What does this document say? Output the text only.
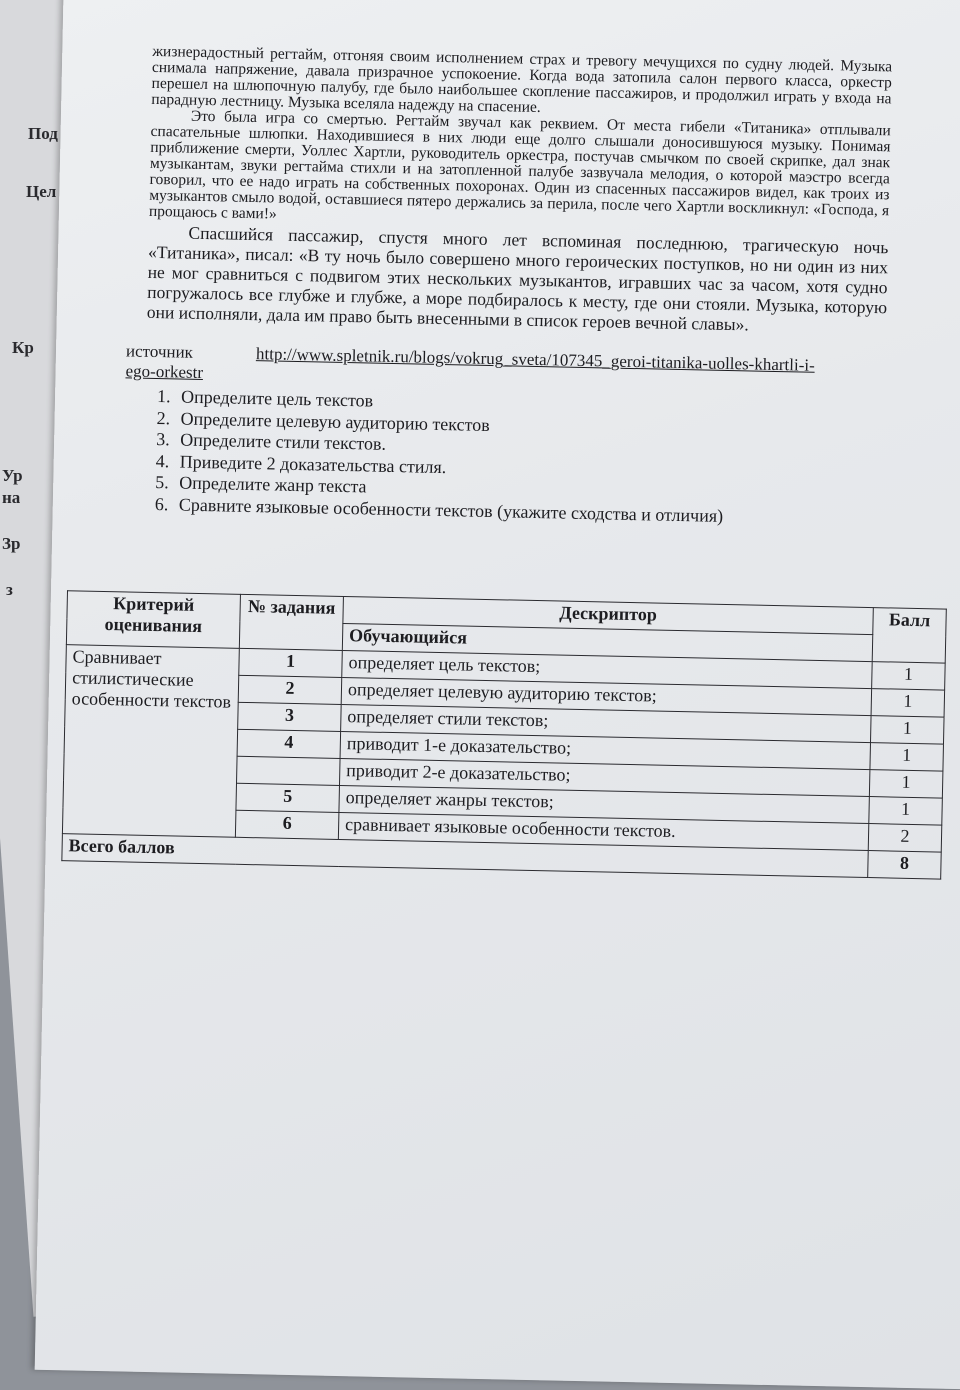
Под
Цел
Кр
Ур
на
Зр
з

жизнерадостный регтайм, отгоняя своим исполнением страх и тревогу мечущихся по судну людей. Музыка снимала напряжение, давала призрачное успокоение. Когда вода затопила салон первого класса, оркестр перешел на шлюпочную палубу, где было наибольшее скопление пассажиров, и продолжил играть у входа на парадную лестницу. Музыка вселяла надежду на спасение.

Это была игра со смертью. Регтайм звучал как реквием. От места гибели «Титаника» отплывали спасательные шлюпки. Находившиеся в них люди еще долго слышали доносившуюся музыку. Понимая приближение смерти, Уоллес Хартли, руководитель оркестра, постучав смычком по своей скрипке, дал знак музыкантам, звуки регтайма стихли и на затопленной палубе зазвучала мелодия, о которой маэстро всегда говорил, что ее надо играть на собственных похоронах. Один из спасенных пассажиров видел, как троих из музыкантов смыло водой, оставшиеся пятеро держались за перила, после чего Хартли воскликнул: «Господа, я прощаюсь с вами!»

Спасшийся пассажир, спустя много лет вспоминая последнюю, трагическую ночь «Титаника», писал: «В ту ночь было совершено много героических поступков, но ни один из них не мог сравниться с подвигом этих нескольких музыкантов, игравших час за часом, хотя судно погружалось все глубже и глубже, а море подбиралось к месту, где они стояли. Музыка, которую они исполняли, дала им право быть внесенными в список героев вечной славы».

источник	http://www.spletnik.ru/blogs/vokrug_sveta/107345_geroi-titanika-uolles-khartli-i-
ego-orkestr
1. Определите цель текстов
2. Определите целевую аудиторию текстов
3. Определите стили текстов.
4. Приведите 2 доказательства стиля.
5. Определите жанр текста
6. Сравните языковые особенности текстов (укажите сходства и отличия)
Критерий оценивания	№ задания	Дескриптор	Балл
		Обучающийся	
Сравнивает стилистические особенности текстов	1	определяет цель текстов;	1
	2	определяет целевую аудиторию текстов;	1
	3	определяет стили текстов;	1
	4	приводит 1-е доказательство;	1
		приводит 2-е доказательство;	1
	5	определяет жанры текстов;	1
	6	сравнивает языковые особенности текстов.	2
Всего баллов			8
